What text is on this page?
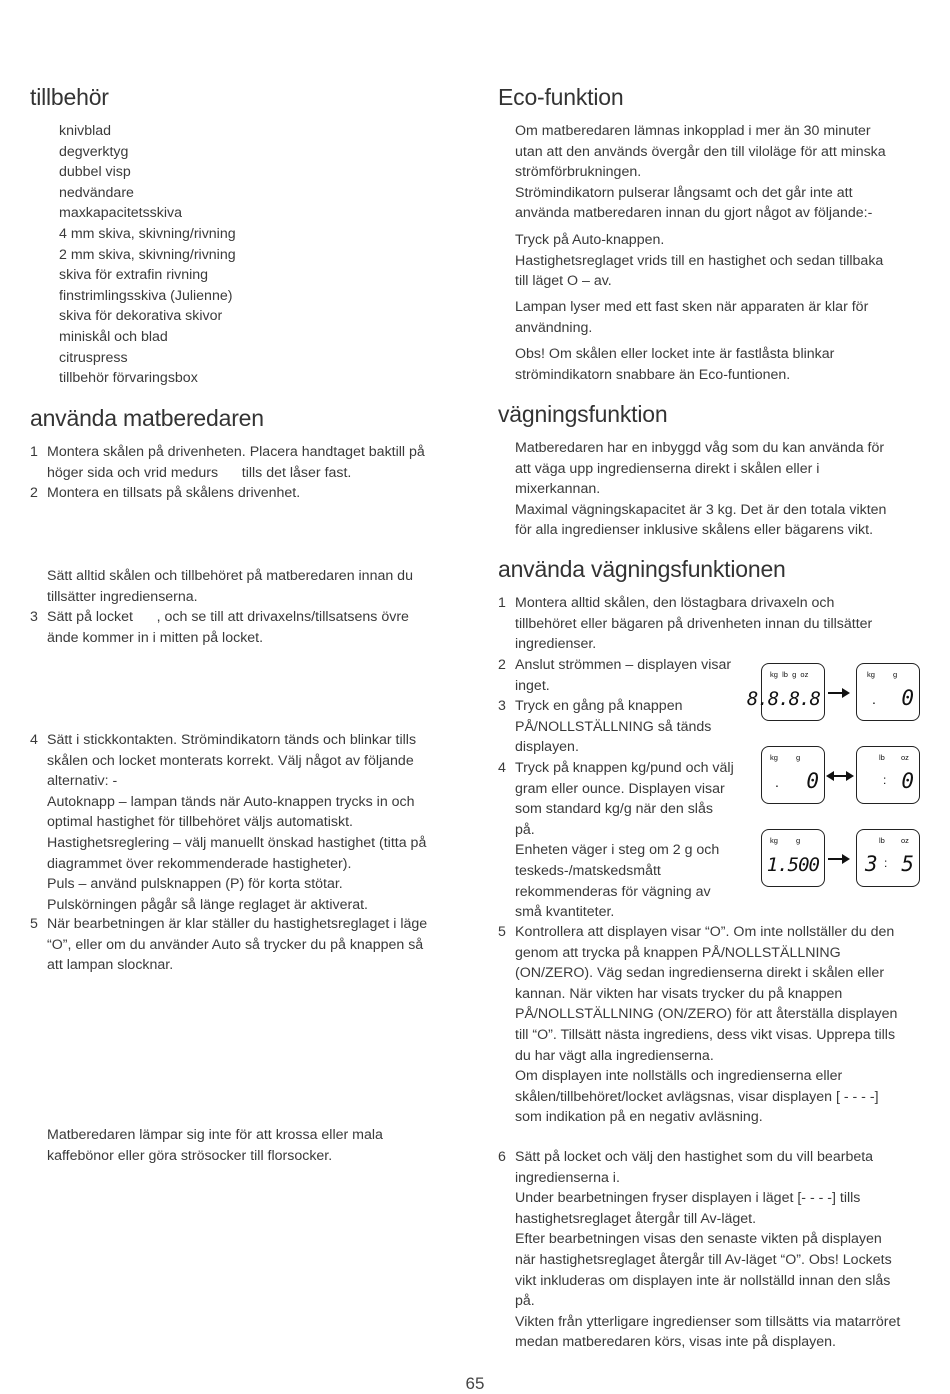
tillbehör
knivblad
degverktyg
dubbel visp
nedvändare
maxkapacitetsskiva
4 mm skiva, skivning/rivning
2 mm skiva, skivning/rivning
skiva för extrafin rivning
finstrimlingsskiva (Julienne)
skiva för dekorativa skivor
miniskål och blad
citruspress
tillbehör förvaringsbox
använda matberedaren
1 Montera skålen på drivenheten. Placera handtaget baktill på
höger sida och vrid medurs      tills det låser fast.
2 Montera en tillsats på skålens drivenhet.
Sätt alltid skålen och tillbehöret på matberedaren innan du
tillsätter ingredienserna.
3 Sätt på locket      , och se till att drivaxelns/tillsatsens övre
ände kommer in i mitten på locket.
4 Sätt i stickkontakten. Strömindikatorn tänds och blinkar tills
skålen och locket monterats korrekt. Välj något av följande
alternativ: -
Autoknapp – lampan tänds när Auto-knappen trycks in och
optimal hastighet för tillbehöret väljs automatiskt.
Hastighetsreglering – välj manuellt önskad hastighet (titta på
diagrammet över rekommenderade hastigheter).
Puls – använd pulsknappen (P) för korta stötar.
Pulskörningen pågår så länge reglaget är aktiverat.
5 När bearbetningen är klar ställer du hastighetsreglaget i läge
“O”, eller om du använder Auto så trycker du på knappen så
att lampan slocknar.
Matberedaren lämpar sig inte för att krossa eller mala
kaffebönor eller göra strösocker till florsocker.
Eco-funktion
Om matberedaren lämnas inkopplad i mer än 30 minuter
utan att den används övergår den till viloläge för att minska
strömförbrukningen.
Strömindikatorn pulserar långsamt och det går inte att
använda matberedaren innan du gjort något av följande:-
Tryck på Auto-knappen.
Hastighetsreglaget vrids till en hastighet och sedan tillbaka
till läget O – av.
Lampan lyser med ett fast sken när apparaten är klar för
användning.
Obs! Om skålen eller locket inte är fastlåsta blinkar
strömindikatorn snabbare än Eco-funtionen.
vägningsfunktion
Matberedaren har en inbyggd våg som du kan använda för
att väga upp ingredienserna direkt i skålen eller i
mixerkannan.
Maximal vägningskapacitet är 3 kg. Det är den totala vikten
för alla ingredienser inklusive skålens eller bägarens vikt.
använda vägningsfunktionen
1 Montera alltid skålen, den löstagbara drivaxeln och
tillbehöret eller bägaren på drivenheten innan du tillsätter
ingredienser.
2 Anslut strömmen – displayen visar
inget.
3 Tryck en gång på knappen
PÅ/NOLLSTÄLLNING så tänds
displayen.
4 Tryck på knappen kg/pund och välj
gram eller ounce. Displayen visar
som standard kg/g när den slås
på.
Enheten väger i steg om 2 g och
teskeds-/matskedsmått
rekommenderas för vägning av
små kvantiteter.
5 Kontrollera att displayen visar “O”. Om inte nollställer du den
genom att trycka på knappen PÅ/NOLLSTÄLLNING
(ON/ZERO). Väg sedan ingredienserna direkt i skålen eller
kannan. När vikten har visats trycker du på knappen
PÅ/NOLLSTÄLLNING (ON/ZERO) för att återställa displayen
till “O”. Tillsätt nästa ingrediens, dess vikt visas. Upprepa tills
du har vägt alla ingredienserna.
Om displayen inte nollställs och ingredienserna eller
skålen/tillbehöret/locket avlägsnas, visar displayen [ - - - -]
som indikation på en negativ avläsning.
6 Sätt på locket och välj den hastighet som du vill bearbeta
ingredienserna i.
Under bearbetningen fryser displayen i läget [- - - -] tills
hastighetsreglaget återgår till Av-läget.
Efter bearbetningen visas den senaste vikten på displayen
när hastighetsreglaget återgår till Av-läget “O”. Obs! Lockets
vikt inkluderas om displayen inte är nollställd innan den slås
på.
Vikten från ytterligare ingredienser som tillsätts via matarröret
medan matberedaren körs, visas inte på displayen.
kg  lb  g  oz
8.8.8.8
kg g
. 0
kg g
. 0
lb oz
: 0
kg g
1.500
lb oz
3 : 5
65
